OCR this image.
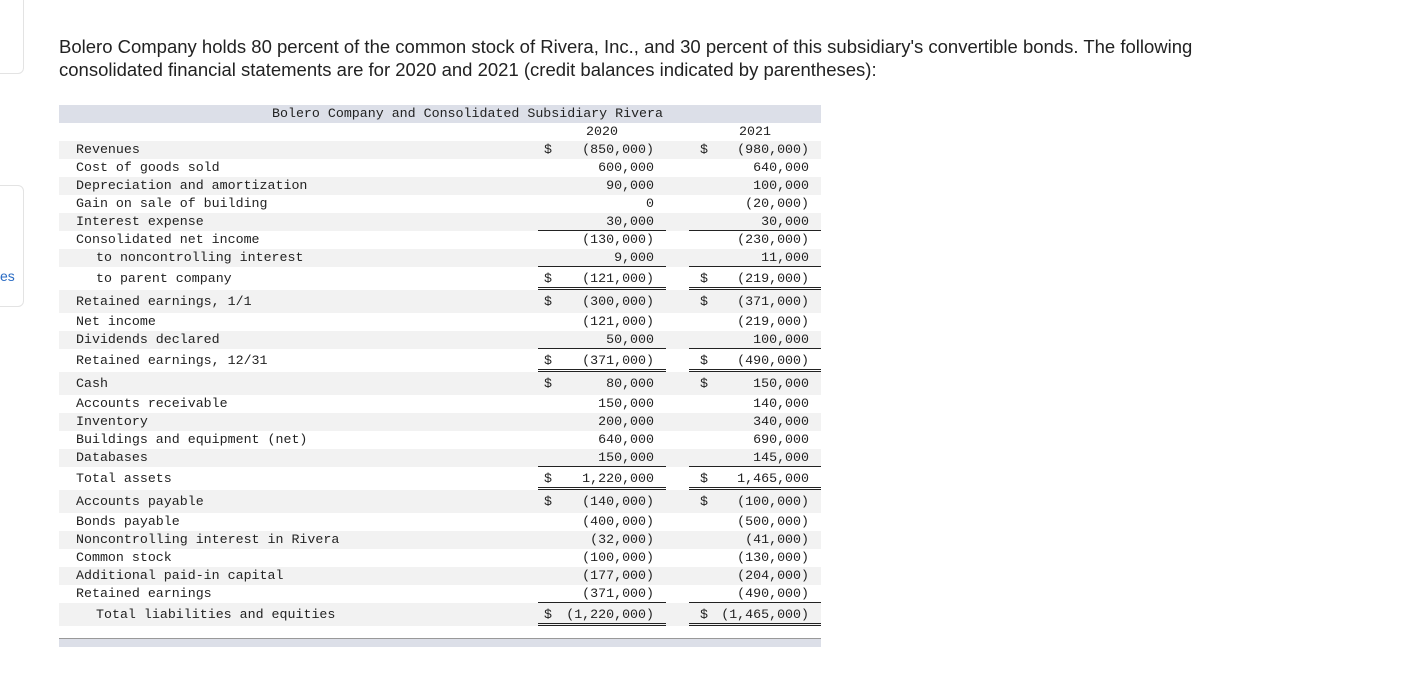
es
Bolero Company holds 80 percent of the common stock of Rivera, Inc., and 30 percent of this subsidiary's convertible bonds. The following consolidated financial statements are for 2020 and 2021 (credit balances indicated by parentheses):
Bolero Company and Consolidated Subsidiary Rivera
2020	2021
Revenues	$ (850,000)	$ (980,000)
Cost of goods sold	600,000	640,000
Depreciation and amortization	90,000	100,000
Gain on sale of building	0	(20,000)
Interest expense	30,000	30,000
Consolidated net income	(130,000)	(230,000)
to noncontrolling interest	9,000	11,000
to parent company	$ (121,000)	$ (219,000)
Retained earnings, 1/1	$ (300,000)	$ (371,000)
Net income	(121,000)	(219,000)
Dividends declared	50,000	100,000
Retained earnings, 12/31	$ (371,000)	$ (490,000)
Cash	$	80,000	$	150,000
Accounts receivable	150,000	140,000
Inventory	200,000	340,000
Buildings and equipment (net)	640,000	690,000
Databases	150,000	145,000
Total assets	$ 1,220,000	$ 1,465,000
Accounts payable	$ (140,000)	$ (100,000)
Bonds payable	(400,000)	(500,000)
Noncontrolling interest in Rivera	(32,000)	(41,000)
Common stock	(100,000)	(130,000)
Additional paid-in capital	(177,000)	(204,000)
Retained earnings	(371,000)	(490,000)
Total liabilities and equities	$ (1,220,000)	$ (1,465,000)
